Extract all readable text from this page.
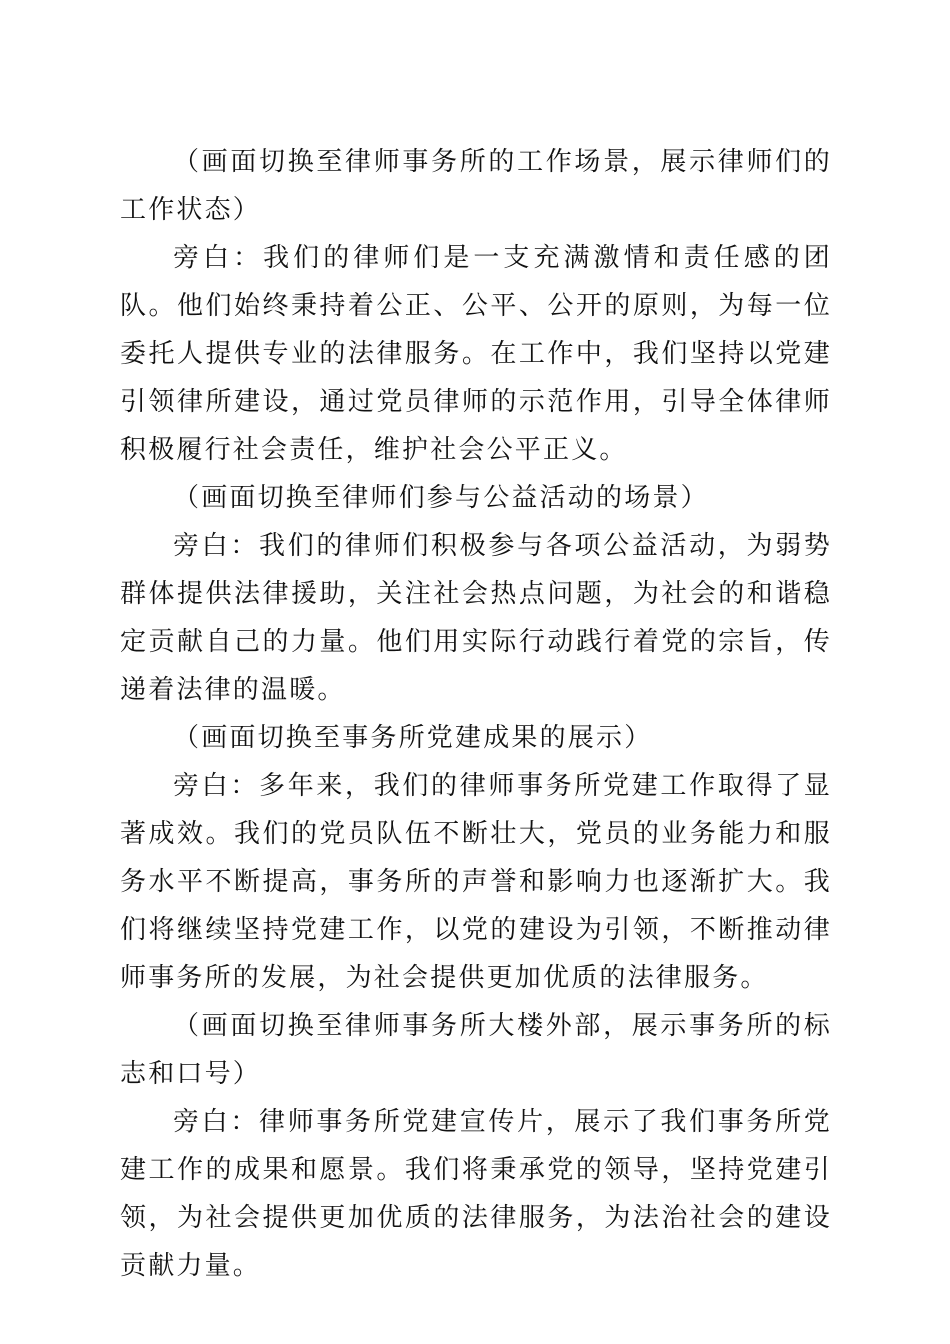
（画面切换至律师事务所的工作场景，展示律师们的工作状态）

旁白：我们的律师们是一支充满激情和责任感的团队。他们始终秉持着公正、公平、公开的原则，为每一位委托人提供专业的法律服务。在工作中，我们坚持以党建引领律所建设，通过党员律师的示范作用，引导全体律师积极履行社会责任，维护社会公平正义。

（画面切换至律师们参与公益活动的场景）

旁白：我们的律师们积极参与各项公益活动，为弱势群体提供法律援助，关注社会热点问题，为社会的和谐稳定贡献自己的力量。他们用实际行动践行着党的宗旨，传递着法律的温暖。

（画面切换至事务所党建成果的展示）

旁白：多年来，我们的律师事务所党建工作取得了显著成效。我们的党员队伍不断壮大，党员的业务能力和服务水平不断提高，事务所的声誉和影响力也逐渐扩大。我们将继续坚持党建工作，以党的建设为引领，不断推动律师事务所的发展，为社会提供更加优质的法律服务。

（画面切换至律师事务所大楼外部，展示事务所的标志和口号）

旁白：律师事务所党建宣传片，展示了我们事务所党建工作的成果和愿景。我们将秉承党的领导，坚持党建引领，为社会提供更加优质的法律服务，为法治社会的建设贡献力量。
